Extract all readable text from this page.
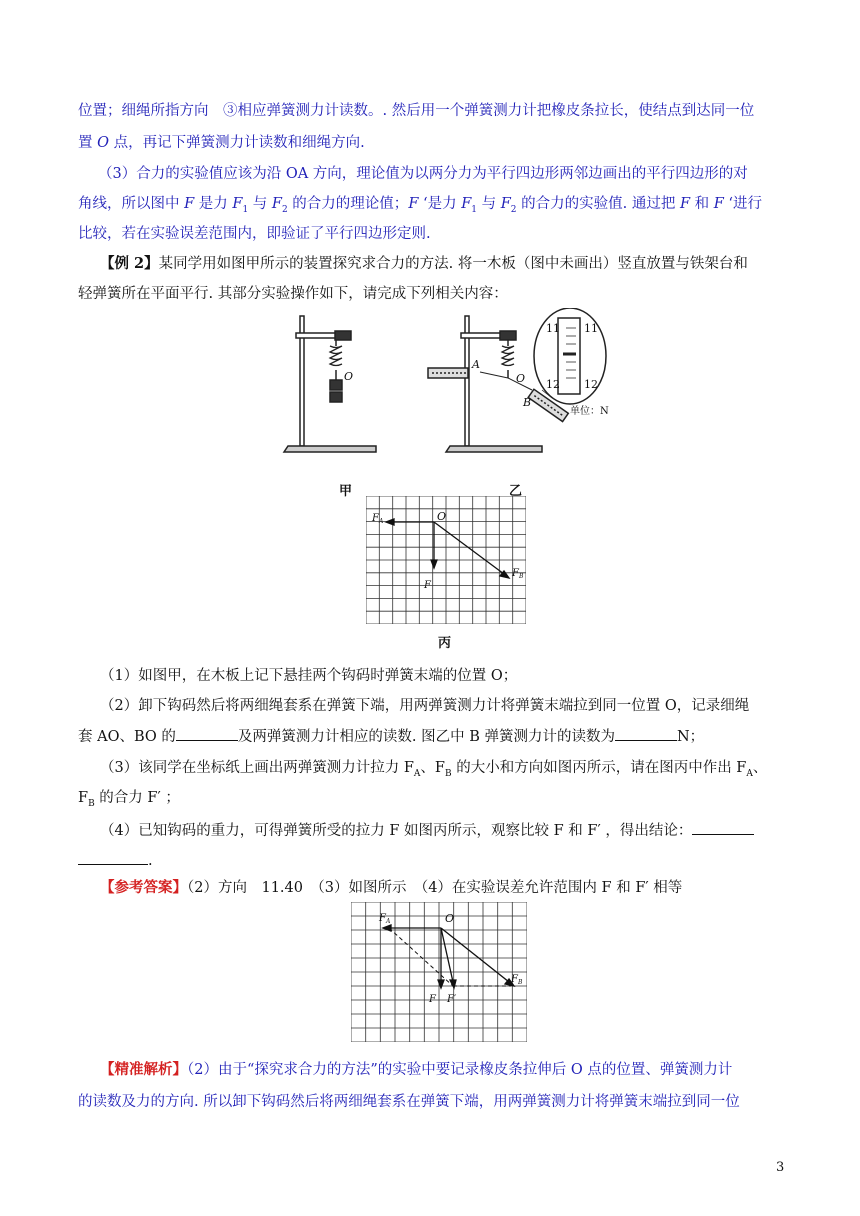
位置；细绳所指方向　③相应弹簧测力计读数。. 然后用一个弹簧测力计把橡皮条拉长，使结点到达同一位
置 O 点，再记下弹簧测力计读数和细绳方向.
（3）合力的实验值应该为沿 OA 方向，理论值为以两分力为平行四边形两邻边画出的平行四边形的对
角线，所以图中 F 是力 $F_1$ 与 $F_2$ 的合力的理论值；F ‘是力 $F_1$ 与 $F_2$ 的合力的实验值. 通过把 F 和 F ‘进行
比较，若在实验误差范围内，即验证了平行四边形定则.
【例 2】某同学用如图甲所示的装置探究求合力的方法. 将一木板（图中未画出）竖直放置与铁架台和
轻弹簧所在平面平行. 其部分实验操作如下，请完成下列相关内容：
O
A
O
B
11 11
12 12
单位：N
甲	乙
$F_A$	O
$F_B$
F
丙
（1）如图甲，在木板上记下悬挂两个钩码时弹簧末端的位置 O；
（2）卸下钩码然后将两细绳套系在弹簧下端，用两弹簧测力计将弹簧末端拉到同一位置 O，记录细绳
套 AO、BO 的	及两弹簧测力计相应的读数. 图乙中 B 弹簧测力计的读数为	N；
（3）该同学在坐标纸上画出两弹簧测力计拉力 $F_A$、$F_B$ 的大小和方向如图丙所示，请在图丙中作出 $F_A$、
$F_B$ 的合力 F′ ；
（4）已知钩码的重力，可得弹簧所受的拉力 F 如图丙所示，观察比较 F 和 F′ ，得出结论：
.
【参考答案】（2）方向　11.40　（3）如图所示　（4）在实验误差允许范围内 F 和 F′ 相等
$F_A$	O
$F_B$
F F′
【精准解析】（2）由于“探究求合力的方法”的实验中要记录橡皮条拉伸后 O 点的位置、弹簧测力计
的读数及力的方向. 所以卸下钩码然后将两细绳套系在弹簧下端，用两弹簧测力计将弹簧末端拉到同一位
3
